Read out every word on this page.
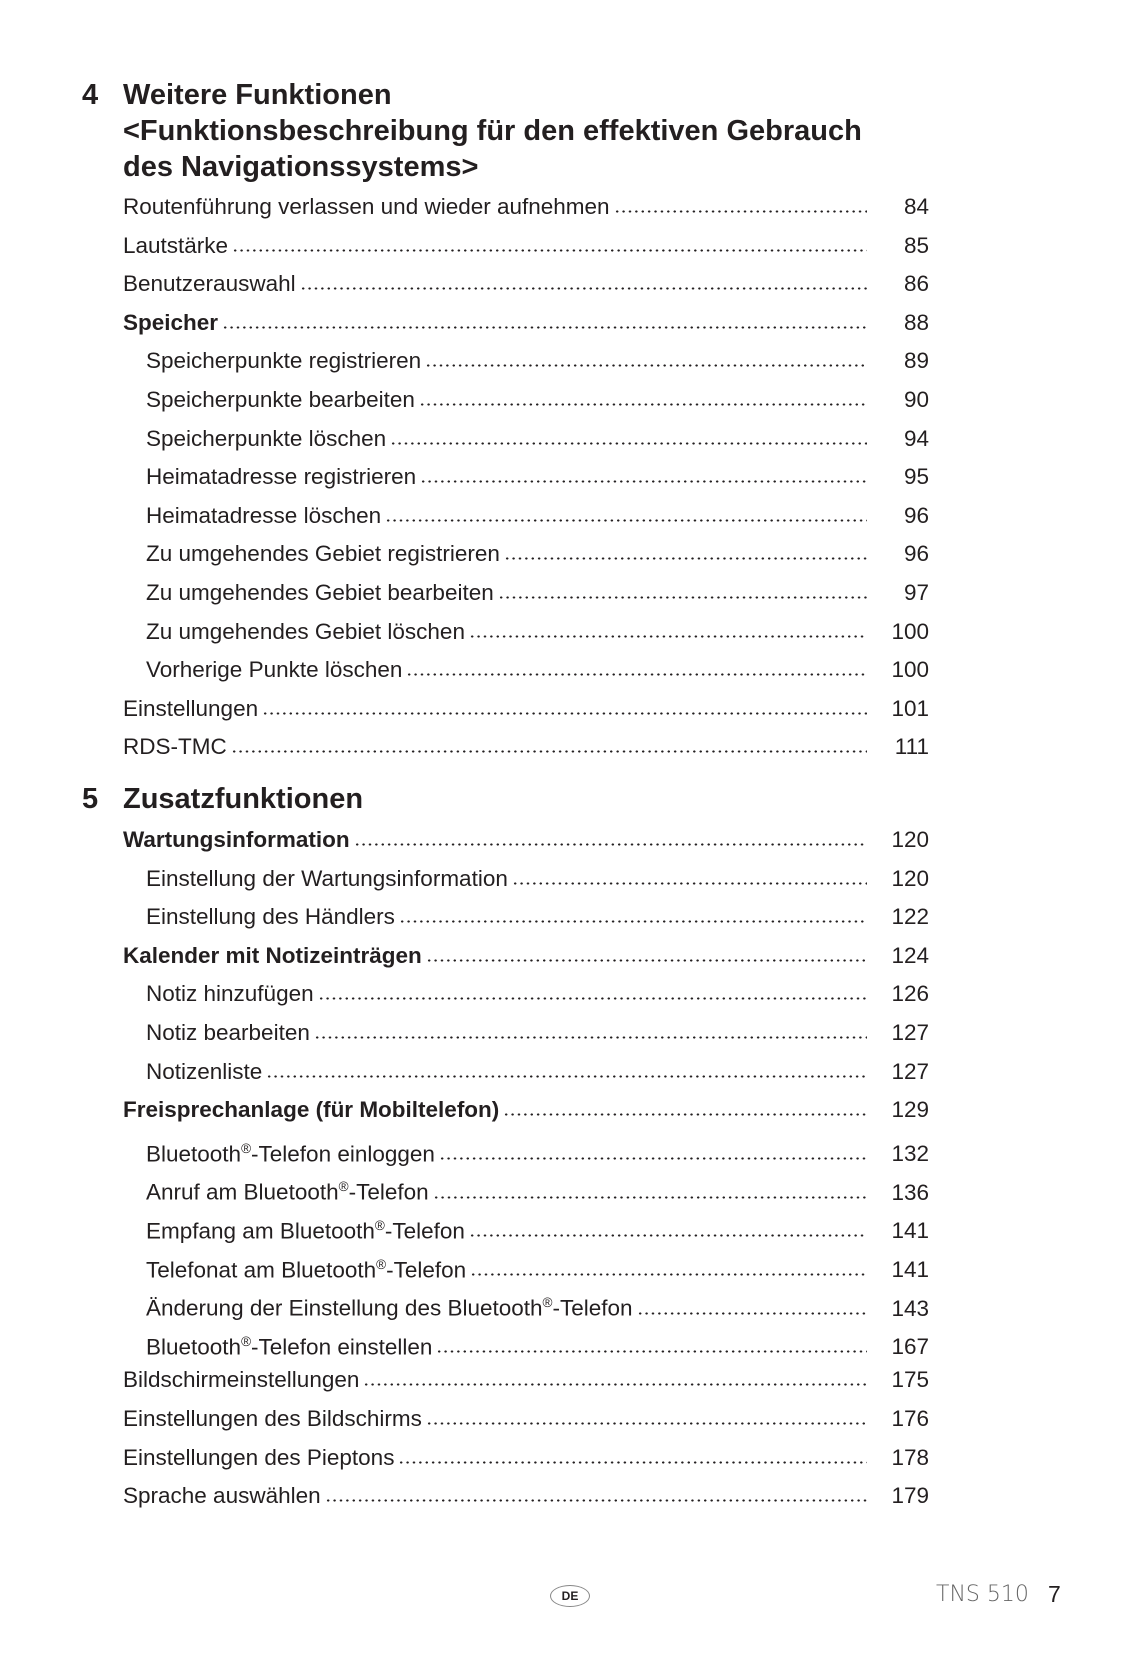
4 Weitere Funktionen
<Funktionsbeschreibung für den effektiven Gebrauch
des Navigationssystems>
Routenführung verlassen und wieder aufnehmen	84
Lautstärke	85
Benutzerauswahl	86
Speicher	88
Speicherpunkte registrieren	89
Speicherpunkte bearbeiten	90
Speicherpunkte löschen	94
Heimatadresse registrieren	95
Heimatadresse löschen	96
Zu umgehendes Gebiet registrieren	96
Zu umgehendes Gebiet bearbeiten	97
Zu umgehendes Gebiet löschen	100
Vorherige Punkte löschen	100
Einstellungen	101
RDS-TMC	111
5 Zusatzfunktionen
Wartungsinformation	120
Einstellung der Wartungsinformation	120
Einstellung des Händlers	122
Kalender mit Notizeinträgen	124
Notiz hinzufügen	126
Notiz bearbeiten	127
Notizenliste	127
Freisprechanlage (für Mobiltelefon)	129
Bluetooth®-Telefon einloggen	132
Anruf am Bluetooth®-Telefon	136
Empfang am Bluetooth®-Telefon	141
Telefonat am Bluetooth®-Telefon	141
Änderung der Einstellung des Bluetooth®-Telefon	143
Bluetooth®-Telefon einstellen	167
Bildschirmeinstellungen	175
Einstellungen des Bildschirms	176
Einstellungen des Pieptons	178
Sprache auswählen	179
DE	TNS 510 7
